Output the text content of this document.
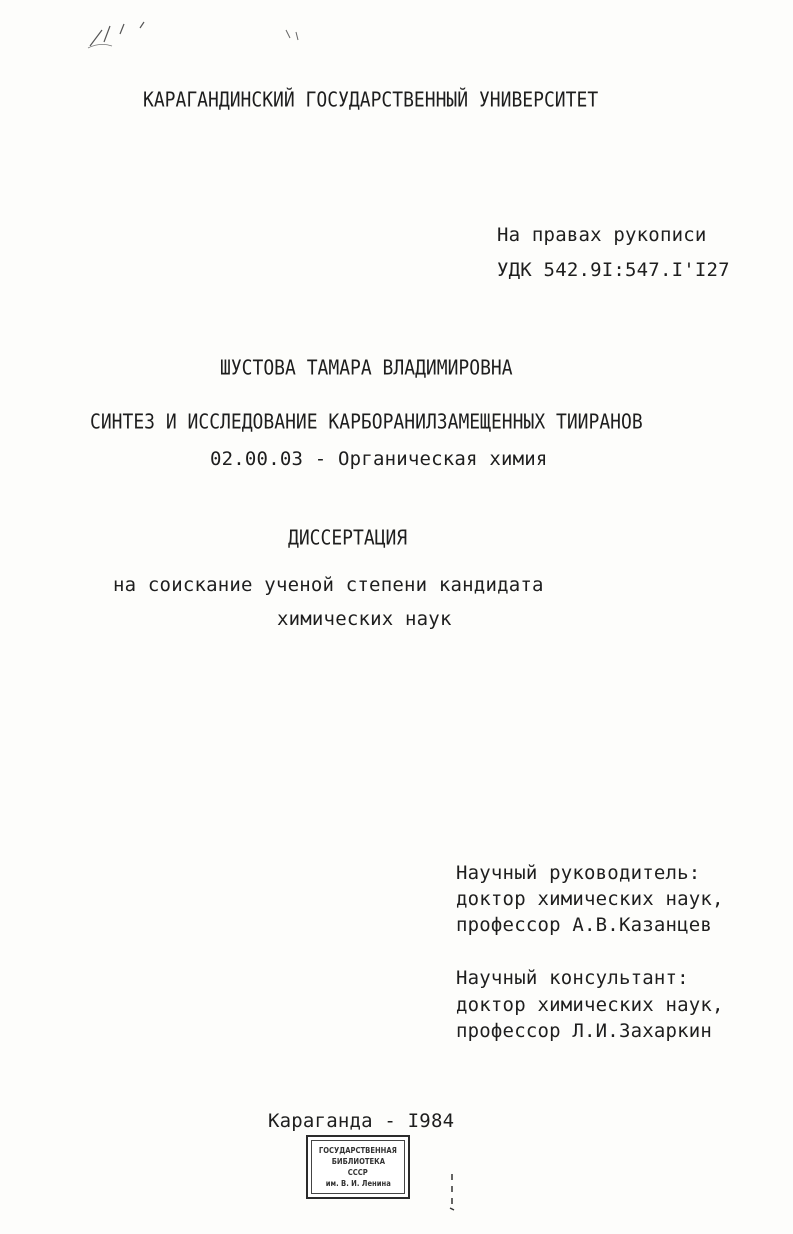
КАРАГАНДИНСКИЙ ГОСУДАРСТВЕННЫЙ УНИВЕРСИТЕТ
На правах рукописи
УДК 542.9I:547.I'I27
ШУСТОВА ТАМАРА ВЛАДИМИРОВНА
СИНТЕЗ И ИССЛЕДОВАНИЕ КАРБОРАНИЛЗАМЕЩЕННЫХ ТИИРАНОВ
02.00.03 - Органическая химия
ДИССЕРТАЦИЯ
на соискание ученой степени кандидата
химических наук
Научный руководитель:
доктор химических наук,
профессор А.В.Казанцев
Научный консультант:
доктор химических наук,
профессор Л.И.Захаркин
Караганда - I984
ГОСУДАРСТВЕННАЯ
БИБЛИОТЕКА
СССР
им. В. И. Ленина
